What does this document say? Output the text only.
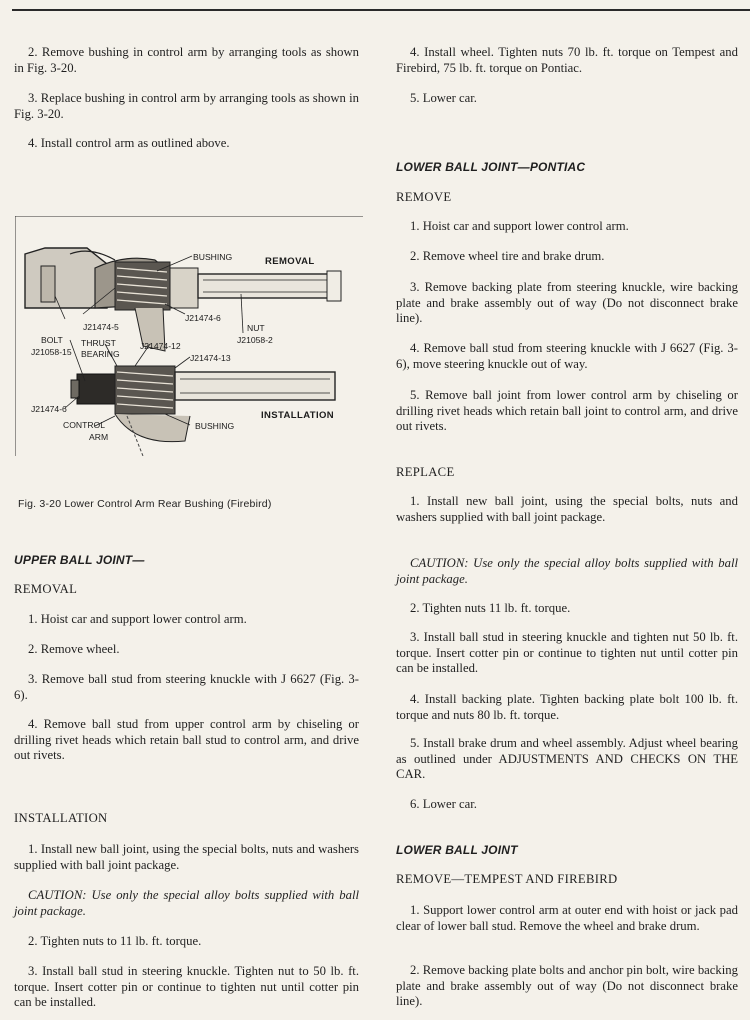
2. Remove bushing in control arm by arranging tools as shown in Fig. 3-20.

3. Replace bushing in control arm by arranging tools as shown in Fig. 3-20.

4. Install control arm as outlined above.

UPPER BALL JOINT—

REMOVAL

1. Hoist car and support lower control arm.

2. Remove wheel.

3. Remove ball stud from steering knuckle with J 6627 (Fig. 3-6).

4. Remove ball stud from upper control arm by chiseling or drilling rivet heads which retain ball stud to control arm, and drive out rivets.

INSTALLATION

1. Install new ball joint, using the special bolts, nuts and washers supplied with ball joint package.

CAUTION: Use only the special alloy bolts supplied with ball joint package.

2. Tighten nuts to 11 lb. ft. torque.

3. Install ball stud in steering knuckle. Tighten nut to 50 lb. ft. torque. Insert cotter pin or continue to tighten nut until cotter pin can be installed.

BUSHING	REMOVAL
J21474-5
J21474-6
NUT
J21058-2
BOLT
J21058-15
THRUST
BEARING
J21474-12
J21474-13
J21474-6
INSTALLATION
CONTROL
ARM
BUSHING
Fig. 3-20 Lower Control Arm Rear Bushing (Firebird)

4. Install wheel. Tighten nuts 70 lb. ft. torque on Tempest and Firebird, 75 lb. ft. torque on Pontiac.

5. Lower car.

LOWER BALL JOINT—PONTIAC

REMOVE

1. Hoist car and support lower control arm.

2. Remove wheel tire and brake drum.

3. Remove backing plate from steering knuckle, wire backing plate and brake assembly out of way (Do not disconnect brake line).

4. Remove ball stud from steering knuckle with J 6627 (Fig. 3-6), move steering knuckle out of way.

5. Remove ball joint from lower control arm by chiseling or drilling rivet heads which retain ball joint to control arm, and drive out rivets.

REPLACE

1. Install new ball joint, using the special bolts, nuts and washers supplied with ball joint package.

CAUTION: Use only the special alloy bolts supplied with ball joint package.

2. Tighten nuts 11 lb. ft. torque.

3. Install ball stud in steering knuckle and tighten nut 50 lb. ft. torque. Insert cotter pin or continue to tighten nut until cotter pin can be installed.

4. Install backing plate. Tighten backing plate bolt 100 lb. ft. torque and nuts 80 lb. ft. torque.

5. Install brake drum and wheel assembly. Adjust wheel bearing as outlined under ADJUSTMENTS AND CHECKS ON THE CAR.

6. Lower car.

LOWER BALL JOINT

REMOVE—TEMPEST AND FIREBIRD

1. Support lower control arm at outer end with hoist or jack pad clear of lower ball stud. Remove the wheel and brake drum.

2. Remove backing plate bolts and anchor pin bolt, wire backing plate and brake assembly out of way (Do not disconnect brake line).
